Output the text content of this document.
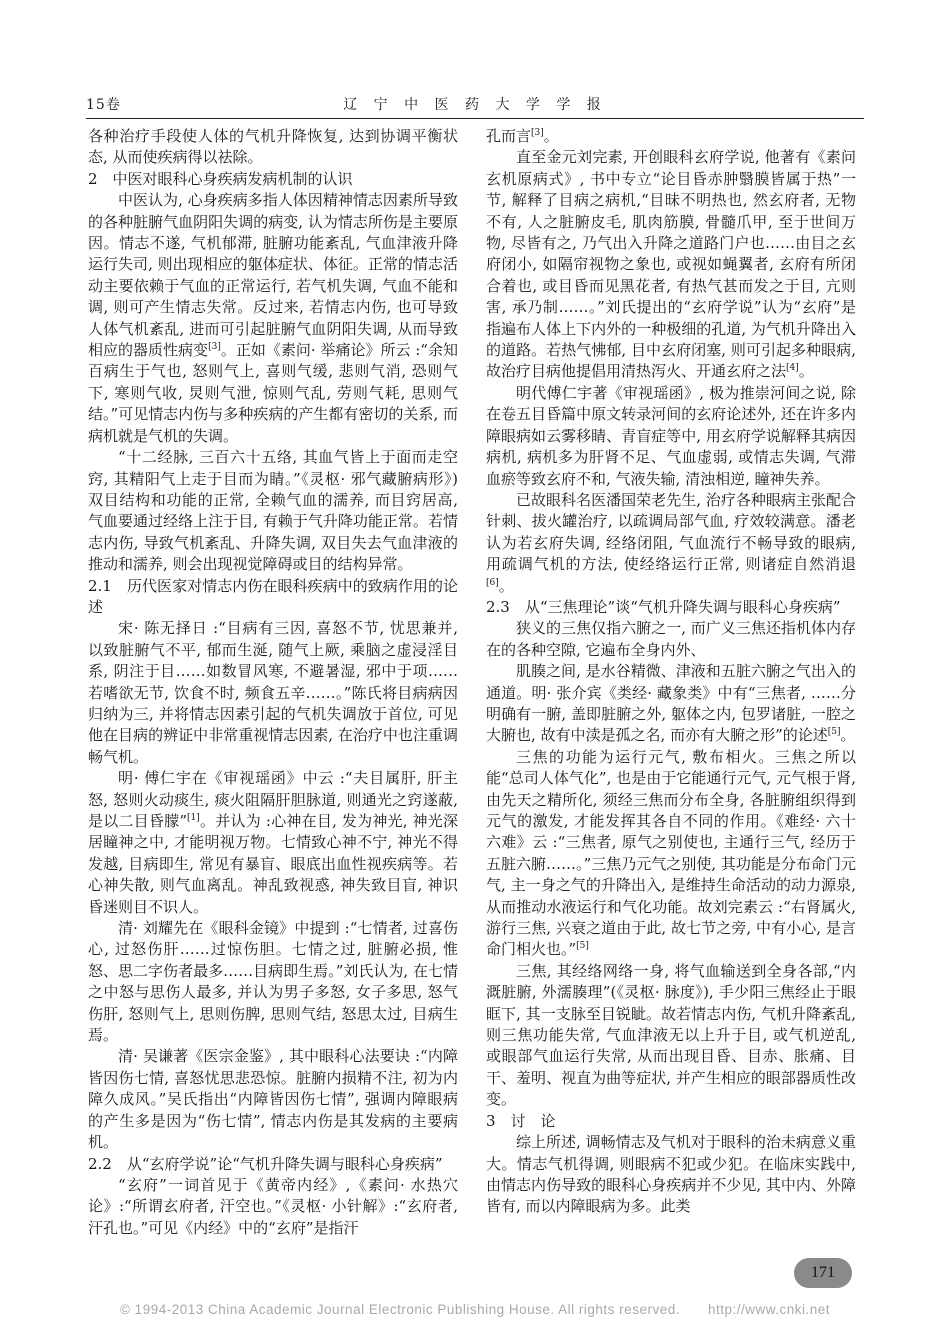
15卷	辽 宁 中 医 药 大 学 学 报

各种治疗手段使人体的气机升降恢复, 达到协调平衡状态, 从而使疾病得以祛除。

2　中医对眼科心身疾病发病机制的认识

中医认为, 心身疾病多指人体因精神情志因素所导致的各种脏腑气血阴阳失调的病变, 认为情志所伤是主要原因。情志不遂, 气机郁滞, 脏腑功能紊乱, 气血津液升降运行失司, 则出现相应的躯体症状、体征。正常的情志活动主要依赖于气血的正常运行, 若气机失调, 气血不能和调, 则可产生情志失常。反过来, 若情志内伤, 也可导致人体气机紊乱, 进而可引起脏腑气血阴阳失调, 从而导致相应的器质性病变[3]。正如《素问· 举痛论》所云 :“余知百病生于气也, 怒则气上, 喜则气缓, 悲则气消, 恐则气下, 寒则气收, 炅则气泄, 惊则气乱, 劳则气耗, 思则气结。”可见情志内伤与多种疾病的产生都有密切的关系, 而病机就是气机的失调。

“十二经脉, 三百六十五络, 其血气皆上于面而走空窍, 其精阳气上走于目而为睛。”《灵枢· 邪气藏腑病形》) 双目结构和功能的正常, 全赖气血的濡养, 而目窍居高, 气血要通过经络上注于目, 有赖于气升降功能正常。若情志内伤, 导致气机紊乱、升降失调, 双目失去气血津液的推动和濡养, 则会出现视觉障碍或目的结构异常。

2.1　历代医家对情志内伤在眼科疾病中的致病作用的论述

宋· 陈无择日 :“目病有三因, 喜怒不节, 忧思兼并, 以致脏腑气不平, 郁而生涎, 随气上厥, 乘脑之虚浸淫目系, 阴注于目……如数冒风寒, 不避暑湿, 邪中于项……若嗜欲无节, 饮食不时, 频食五辛……。”陈氏将目病病因归纳为三, 并将情志因素引起的气机失调放于首位, 可见他在目病的辨证中非常重视情志因素, 在治疗中也注重调畅气机。

明· 傅仁宇在《审视瑶函》中云 :“夫目属肝, 肝主怒, 怒则火动痰生, 痰火阻隔肝胆脉道, 则通光之窍遂蔽, 是以二目昏朦”[1]。并认为 :心神在目, 发为神光, 神光深居瞳神之中, 才能明视万物。七情致心神不宁, 神光不得发越, 目病即生, 常见有暴盲、眼底出血性视疾病等。若心神失散, 则气血离乱。神乱致视惑, 神失致目盲, 神识昏迷则目不识人。

清· 刘耀先在《眼科金镜》中提到 :“七情者, 过喜伤心, 过怒伤肝……过惊伤胆。七情之过, 脏腑必损, 惟怒、思二字伤者最多……目病即生焉。”刘氏认为, 在七情之中怒与思伤人最多, 并认为男子多怒, 女子多思, 怒气伤肝, 怒则气上, 思则伤脾, 思则气结, 怒思太过, 目病生焉。

清· 吴谦著《医宗金鉴》, 其中眼科心法要诀 :“内障皆因伤七情, 喜怒忧思悲恐惊。脏腑内损精不注, 初为内障久成风。”吴氏指出“内障皆因伤七情”, 强调内障眼病的产生多是因为“伤七情”, 情志内伤是其发病的主要病机。

2.2　从“玄府学说”论“气机升降失调与眼科心身疾病”

“玄府”一词首见于《黄帝内经》,《素问· 水热穴论》:“所谓玄府者, 汗空也。”《灵枢· 小针解》:“玄府者, 汗孔也。”可见《内经》中的“玄府”是指汗

孔而言[3]。

直至金元刘完素, 开创眼科玄府学说, 他著有《素问玄机原病式》, 书中专立“论目昏赤肿翳膜皆属于热”一节, 解释了目病之病机,“目昧不明热也, 然玄府者, 无物不有, 人之脏腑皮毛, 肌肉筋膜, 骨髓爪甲, 至于世间万物, 尽皆有之, 乃气出入升降之道路门户也……由目之玄府闭小, 如隔帘视物之象也, 或视如蝇翼者, 玄府有所闭合着也, 或目昏而见黑花者, 有热气甚而发之于目, 亢则害, 承乃制……。”刘氏提出的“玄府学说”认为“玄府”是指遍布人体上下内外的一种极细的孔道, 为气机升降出入的道路。若热气怫郁, 目中玄府闭塞, 则可引起多种眼病, 故治疗目病他提倡用清热泻火、开通玄府之法[4]。

明代傅仁宇著《审视瑶函》, 极为推崇河间之说, 除在卷五目昏篇中原文转录河间的玄府论述外, 还在许多内障眼病如云雾移睛、青盲症等中, 用玄府学说解释其病因病机, 病机多为肝肾不足、气血虚弱, 或情志失调, 气滞血瘀等致玄府不和, 气液失输, 清浊相逆, 瞳神失养。

已故眼科名医潘国荣老先生, 治疗各种眼病主张配合针刺、拔火罐治疗, 以疏调局部气血, 疗效较满意。潘老认为若玄府失调, 经络闭阻, 气血流行不畅导致的眼病, 用疏调气机的方法, 使经络运行正常, 则诸症自然消退[6]。

2.3　从“三焦理论”谈“气机升降失调与眼科心身疾病”

狭义的三焦仅指六腑之一, 而广义三焦还指机体内存在的各种空隙, 它遍布全身内外、

肌腠之间, 是水谷精微、津液和五脏六腑之气出入的通道。明· 张介宾《类经· 藏象类》中有“三焦者, ……分明确有一腑, 盖即脏腑之外, 躯体之内, 包罗诸脏, 一腔之大腑也, 故有中渎是孤之名, 而亦有大腑之形”的论述[5]。

三焦的功能为运行元气, 敷布相火。三焦之所以能“总司人体气化”, 也是由于它能通行元气, 元气根于肾, 由先天之精所化, 须经三焦而分布全身, 各脏腑组织得到元气的激发, 才能发挥其各自不同的作用。《难经· 六十六难》云 :“三焦者, 原气之别使也, 主通行三气, 经历于五脏六腑……。”三焦乃元气之别使, 其功能是分布命门元气, 主一身之气的升降出入, 是维持生命活动的动力源泉, 从而推动水液运行和气化功能。故刘完素云 :“右肾属火, 游行三焦, 兴衰之道由于此, 故七节之旁, 中有小心, 是言命门相火也。”[5]

三焦, 其经络网络一身, 将气血输送到全身各部,“内溉脏腑, 外濡腠理”(《灵枢· 脉度》), 手少阳三焦经止于眼眶下, 其一支脉至目锐眦。故若情志内伤, 气机升降紊乱, 则三焦功能失常, 气血津液无以上升于目, 或气机逆乱, 或眼部气血运行失常, 从而出现目昏、目赤、胀痛、目干、羞明、视直为曲等症状, 并产生相应的眼部器质性改变。

3　讨　论

综上所述, 调畅情志及气机对于眼科的治未病意义重大。情志气机得调, 则眼病不犯或少犯。在临床实践中, 由情志内伤导致的眼科心身疾病并不少见, 其中内、外障皆有, 而以内障眼病为多。此类

171
© 1994-2013 China Academic Journal Electronic Publishing House. All rights reserved.　　http://www.cnki.net
